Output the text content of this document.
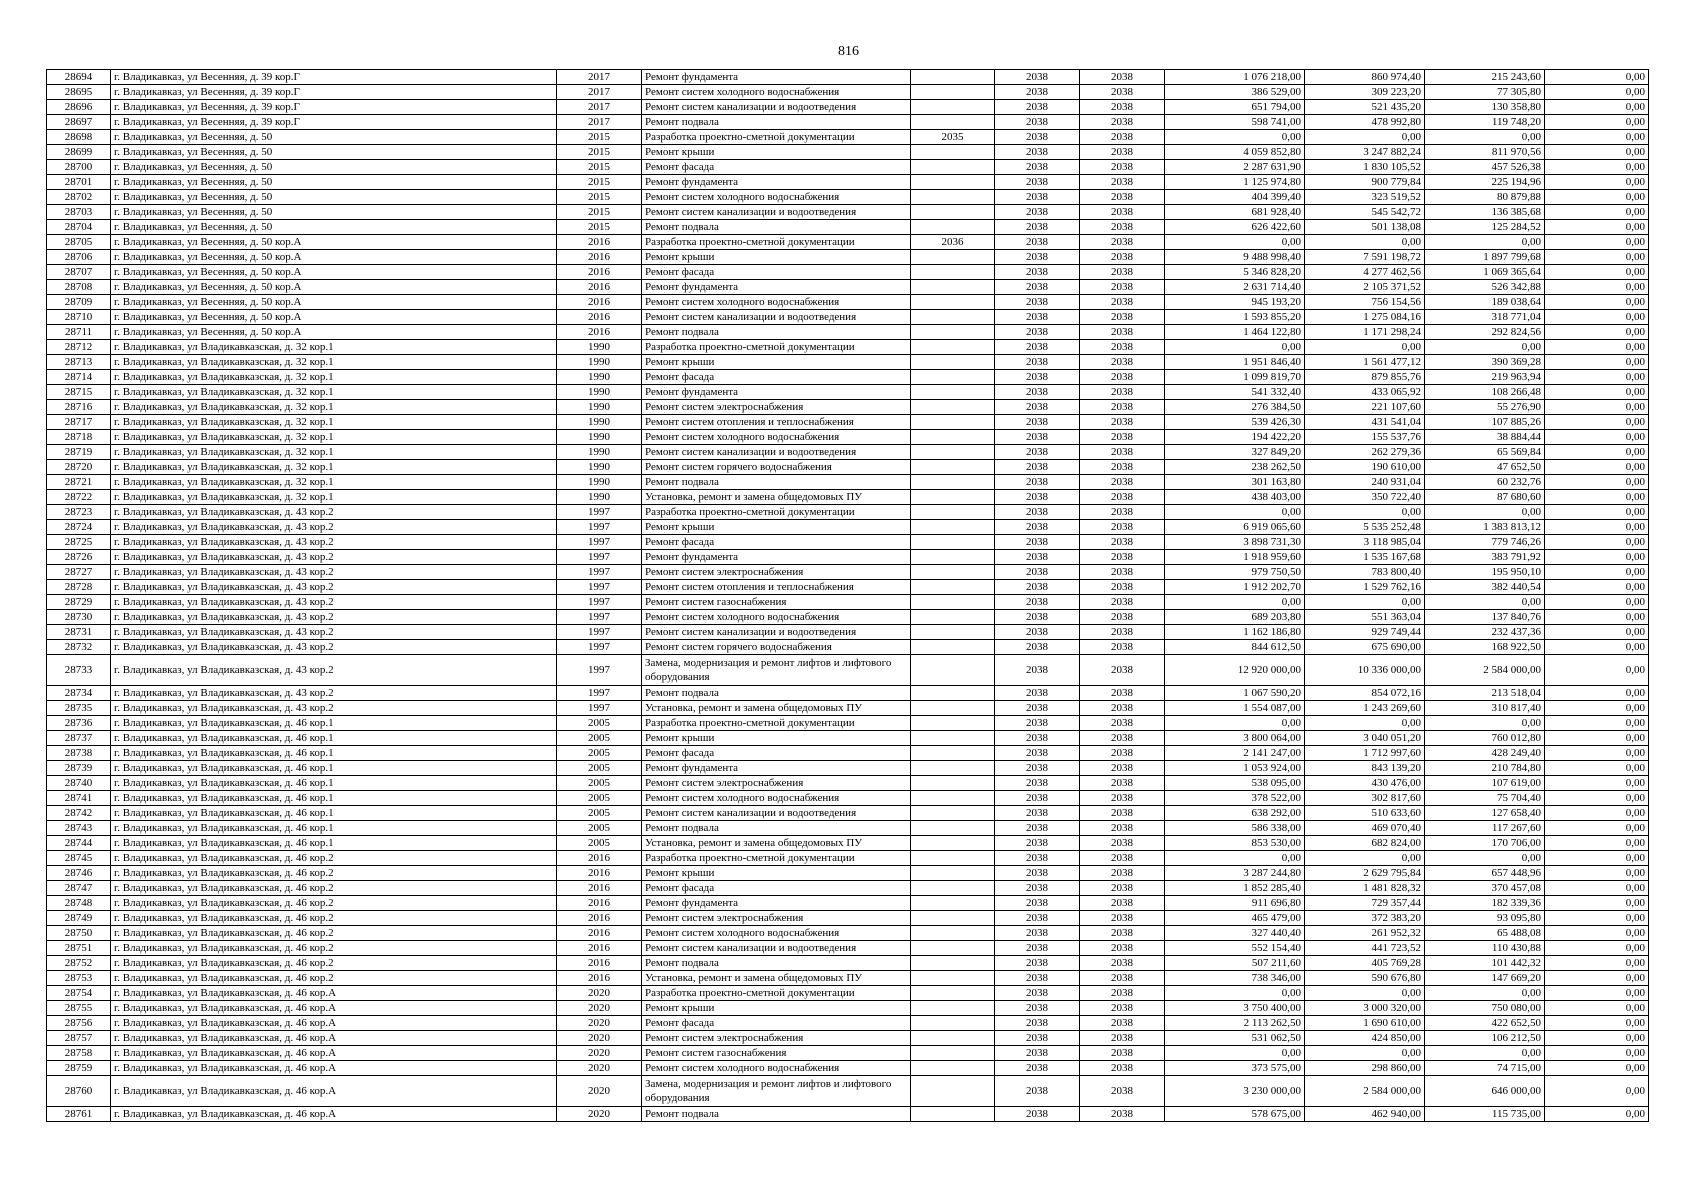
816
28694	г. Владикавказ, ул Весенняя, д. 39 кор.Г	2017	Ремонт фундамента		2038	2038	1 076 218,00	860 974,40	215 243,60	0,00
28695	г. Владикавказ, ул Весенняя, д. 39 кор.Г	2017	Ремонт систем холодного водоснабжения		2038	2038	386 529,00	309 223,20	77 305,80	0,00
28696	г. Владикавказ, ул Весенняя, д. 39 кор.Г	2017	Ремонт систем канализации и водоотведения		2038	2038	651 794,00	521 435,20	130 358,80	0,00
28697	г. Владикавказ, ул Весенняя, д. 39 кор.Г	2017	Ремонт подвала		2038	2038	598 741,00	478 992,80	119 748,20	0,00
28698	г. Владикавказ, ул Весенняя, д. 50	2015	Разработка проектно-сметной документации	2035	2038	2038	0,00	0,00	0,00	0,00
28699	г. Владикавказ, ул Весенняя, д. 50	2015	Ремонт крыши		2038	2038	4 059 852,80	3 247 882,24	811 970,56	0,00
28700	г. Владикавказ, ул Весенняя, д. 50	2015	Ремонт фасада		2038	2038	2 287 631,90	1 830 105,52	457 526,38	0,00
28701	г. Владикавказ, ул Весенняя, д. 50	2015	Ремонт фундамента		2038	2038	1 125 974,80	900 779,84	225 194,96	0,00
28702	г. Владикавказ, ул Весенняя, д. 50	2015	Ремонт систем холодного водоснабжения		2038	2038	404 399,40	323 519,52	80 879,88	0,00
28703	г. Владикавказ, ул Весенняя, д. 50	2015	Ремонт систем канализации и водоотведения		2038	2038	681 928,40	545 542,72	136 385,68	0,00
28704	г. Владикавказ, ул Весенняя, д. 50	2015	Ремонт подвала		2038	2038	626 422,60	501 138,08	125 284,52	0,00
28705	г. Владикавказ, ул Весенняя, д. 50 кор.А	2016	Разработка проектно-сметной документации	2036	2038	2038	0,00	0,00	0,00	0,00
28706	г. Владикавказ, ул Весенняя, д. 50 кор.А	2016	Ремонт крыши		2038	2038	9 488 998,40	7 591 198,72	1 897 799,68	0,00
28707	г. Владикавказ, ул Весенняя, д. 50 кор.А	2016	Ремонт фасада		2038	2038	5 346 828,20	4 277 462,56	1 069 365,64	0,00
28708	г. Владикавказ, ул Весенняя, д. 50 кор.А	2016	Ремонт фундамента		2038	2038	2 631 714,40	2 105 371,52	526 342,88	0,00
28709	г. Владикавказ, ул Весенняя, д. 50 кор.А	2016	Ремонт систем холодного водоснабжения		2038	2038	945 193,20	756 154,56	189 038,64	0,00
28710	г. Владикавказ, ул Весенняя, д. 50 кор.А	2016	Ремонт систем канализации и водоотведения		2038	2038	1 593 855,20	1 275 084,16	318 771,04	0,00
28711	г. Владикавказ, ул Весенняя, д. 50 кор.А	2016	Ремонт подвала		2038	2038	1 464 122,80	1 171 298,24	292 824,56	0,00
28712	г. Владикавказ, ул Владикавказская, д. 32 кор.1	1990	Разработка проектно-сметной документации		2038	2038	0,00	0,00	0,00	0,00
28713	г. Владикавказ, ул Владикавказская, д. 32 кор.1	1990	Ремонт крыши		2038	2038	1 951 846,40	1 561 477,12	390 369,28	0,00
28714	г. Владикавказ, ул Владикавказская, д. 32 кор.1	1990	Ремонт фасада		2038	2038	1 099 819,70	879 855,76	219 963,94	0,00
28715	г. Владикавказ, ул Владикавказская, д. 32 кор.1	1990	Ремонт фундамента		2038	2038	541 332,40	433 065,92	108 266,48	0,00
28716	г. Владикавказ, ул Владикавказская, д. 32 кор.1	1990	Ремонт систем электроснабжения		2038	2038	276 384,50	221 107,60	55 276,90	0,00
28717	г. Владикавказ, ул Владикавказская, д. 32 кор.1	1990	Ремонт систем отопления и теплоснабжения		2038	2038	539 426,30	431 541,04	107 885,26	0,00
28718	г. Владикавказ, ул Владикавказская, д. 32 кор.1	1990	Ремонт систем холодного водоснабжения		2038	2038	194 422,20	155 537,76	38 884,44	0,00
28719	г. Владикавказ, ул Владикавказская, д. 32 кор.1	1990	Ремонт систем канализации и водоотведения		2038	2038	327 849,20	262 279,36	65 569,84	0,00
28720	г. Владикавказ, ул Владикавказская, д. 32 кор.1	1990	Ремонт систем горячего водоснабжения		2038	2038	238 262,50	190 610,00	47 652,50	0,00
28721	г. Владикавказ, ул Владикавказская, д. 32 кор.1	1990	Ремонт подвала		2038	2038	301 163,80	240 931,04	60 232,76	0,00
28722	г. Владикавказ, ул Владикавказская, д. 32 кор.1	1990	Установка, ремонт и замена общедомовых ПУ		2038	2038	438 403,00	350 722,40	87 680,60	0,00
28723	г. Владикавказ, ул Владикавказская, д. 43 кор.2	1997	Разработка проектно-сметной документации		2038	2038	0,00	0,00	0,00	0,00
28724	г. Владикавказ, ул Владикавказская, д. 43 кор.2	1997	Ремонт крыши		2038	2038	6 919 065,60	5 535 252,48	1 383 813,12	0,00
28725	г. Владикавказ, ул Владикавказская, д. 43 кор.2	1997	Ремонт фасада		2038	2038	3 898 731,30	3 118 985,04	779 746,26	0,00
28726	г. Владикавказ, ул Владикавказская, д. 43 кор.2	1997	Ремонт фундамента		2038	2038	1 918 959,60	1 535 167,68	383 791,92	0,00
28727	г. Владикавказ, ул Владикавказская, д. 43 кор.2	1997	Ремонт систем электроснабжения		2038	2038	979 750,50	783 800,40	195 950,10	0,00
28728	г. Владикавказ, ул Владикавказская, д. 43 кор.2	1997	Ремонт систем отопления и теплоснабжения		2038	2038	1 912 202,70	1 529 762,16	382 440,54	0,00
28729	г. Владикавказ, ул Владикавказская, д. 43 кор.2	1997	Ремонт систем газоснабжения		2038	2038	0,00	0,00	0,00	0,00
28730	г. Владикавказ, ул Владикавказская, д. 43 кор.2	1997	Ремонт систем холодного водоснабжения		2038	2038	689 203,80	551 363,04	137 840,76	0,00
28731	г. Владикавказ, ул Владикавказская, д. 43 кор.2	1997	Ремонт систем канализации и водоотведения		2038	2038	1 162 186,80	929 749,44	232 437,36	0,00
28732	г. Владикавказ, ул Владикавказская, д. 43 кор.2	1997	Ремонт систем горячего водоснабжения		2038	2038	844 612,50	675 690,00	168 922,50	0,00
28733	г. Владикавказ, ул Владикавказская, д. 43 кор.2	1997	Замена, модернизация и ремонт лифтов и лифтового оборудования		2038	2038	12 920 000,00	10 336 000,00	2 584 000,00	0,00
28734	г. Владикавказ, ул Владикавказская, д. 43 кор.2	1997	Ремонт подвала		2038	2038	1 067 590,20	854 072,16	213 518,04	0,00
28735	г. Владикавказ, ул Владикавказская, д. 43 кор.2	1997	Установка, ремонт и замена общедомовых ПУ		2038	2038	1 554 087,00	1 243 269,60	310 817,40	0,00
28736	г. Владикавказ, ул Владикавказская, д. 46 кор.1	2005	Разработка проектно-сметной документации		2038	2038	0,00	0,00	0,00	0,00
28737	г. Владикавказ, ул Владикавказская, д. 46 кор.1	2005	Ремонт крыши		2038	2038	3 800 064,00	3 040 051,20	760 012,80	0,00
28738	г. Владикавказ, ул Владикавказская, д. 46 кор.1	2005	Ремонт фасада		2038	2038	2 141 247,00	1 712 997,60	428 249,40	0,00
28739	г. Владикавказ, ул Владикавказская, д. 46 кор.1	2005	Ремонт фундамента		2038	2038	1 053 924,00	843 139,20	210 784,80	0,00
28740	г. Владикавказ, ул Владикавказская, д. 46 кор.1	2005	Ремонт систем электроснабжения		2038	2038	538 095,00	430 476,00	107 619,00	0,00
28741	г. Владикавказ, ул Владикавказская, д. 46 кор.1	2005	Ремонт систем холодного водоснабжения		2038	2038	378 522,00	302 817,60	75 704,40	0,00
28742	г. Владикавказ, ул Владикавказская, д. 46 кор.1	2005	Ремонт систем канализации и водоотведения		2038	2038	638 292,00	510 633,60	127 658,40	0,00
28743	г. Владикавказ, ул Владикавказская, д. 46 кор.1	2005	Ремонт подвала		2038	2038	586 338,00	469 070,40	117 267,60	0,00
28744	г. Владикавказ, ул Владикавказская, д. 46 кор.1	2005	Установка, ремонт и замена общедомовых ПУ		2038	2038	853 530,00	682 824,00	170 706,00	0,00
28745	г. Владикавказ, ул Владикавказская, д. 46 кор.2	2016	Разработка проектно-сметной документации		2038	2038	0,00	0,00	0,00	0,00
28746	г. Владикавказ, ул Владикавказская, д. 46 кор.2	2016	Ремонт крыши		2038	2038	3 287 244,80	2 629 795,84	657 448,96	0,00
28747	г. Владикавказ, ул Владикавказская, д. 46 кор.2	2016	Ремонт фасада		2038	2038	1 852 285,40	1 481 828,32	370 457,08	0,00
28748	г. Владикавказ, ул Владикавказская, д. 46 кор.2	2016	Ремонт фундамента		2038	2038	911 696,80	729 357,44	182 339,36	0,00
28749	г. Владикавказ, ул Владикавказская, д. 46 кор.2	2016	Ремонт систем электроснабжения		2038	2038	465 479,00	372 383,20	93 095,80	0,00
28750	г. Владикавказ, ул Владикавказская, д. 46 кор.2	2016	Ремонт систем холодного водоснабжения		2038	2038	327 440,40	261 952,32	65 488,08	0,00
28751	г. Владикавказ, ул Владикавказская, д. 46 кор.2	2016	Ремонт систем канализации и водоотведения		2038	2038	552 154,40	441 723,52	110 430,88	0,00
28752	г. Владикавказ, ул Владикавказская, д. 46 кор.2	2016	Ремонт подвала		2038	2038	507 211,60	405 769,28	101 442,32	0,00
28753	г. Владикавказ, ул Владикавказская, д. 46 кор.2	2016	Установка, ремонт и замена общедомовых ПУ		2038	2038	738 346,00	590 676,80	147 669,20	0,00
28754	г. Владикавказ, ул Владикавказская, д. 46 кор.А	2020	Разработка проектно-сметной документации		2038	2038	0,00	0,00	0,00	0,00
28755	г. Владикавказ, ул Владикавказская, д. 46 кор.А	2020	Ремонт крыши		2038	2038	3 750 400,00	3 000 320,00	750 080,00	0,00
28756	г. Владикавказ, ул Владикавказская, д. 46 кор.А	2020	Ремонт фасада		2038	2038	2 113 262,50	1 690 610,00	422 652,50	0,00
28757	г. Владикавказ, ул Владикавказская, д. 46 кор.А	2020	Ремонт систем электроснабжения		2038	2038	531 062,50	424 850,00	106 212,50	0,00
28758	г. Владикавказ, ул Владикавказская, д. 46 кор.А	2020	Ремонт систем газоснабжения		2038	2038	0,00	0,00	0,00	0,00
28759	г. Владикавказ, ул Владикавказская, д. 46 кор.А	2020	Ремонт систем холодного водоснабжения		2038	2038	373 575,00	298 860,00	74 715,00	0,00
28760	г. Владикавказ, ул Владикавказская, д. 46 кор.А	2020	Замена, модернизация и ремонт лифтов и лифтового оборудования		2038	2038	3 230 000,00	2 584 000,00	646 000,00	0,00
28761	г. Владикавказ, ул Владикавказская, д. 46 кор.А	2020	Ремонт подвала		2038	2038	578 675,00	462 940,00	115 735,00	0,00
